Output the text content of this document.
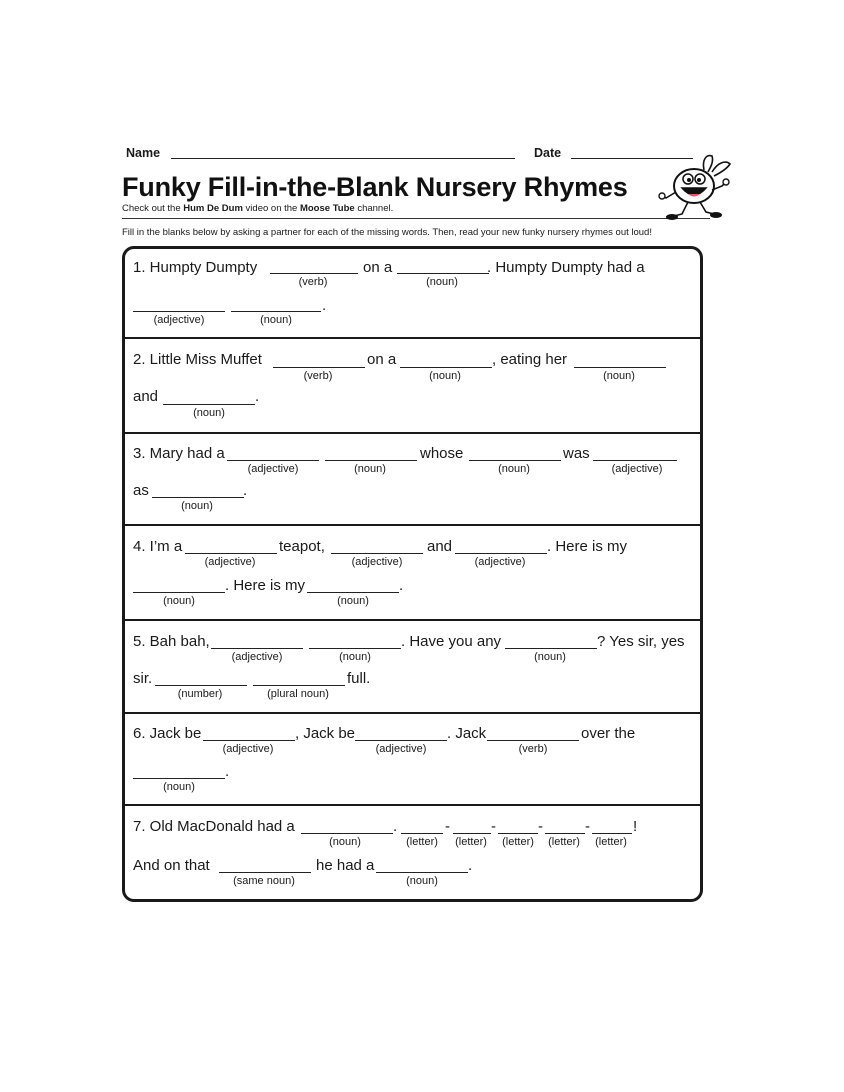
Name	Date
Funky Fill-in-the-Blank Nursery Rhymes
Check out the Hum De Dum video on the Moose Tube channel.
Fill in the blanks below by asking a partner for each of the missing words. Then, read your new funky nursery rhymes out loud!
1. Humpty Dumpty
(verb)
on a
(noun)
. Humpty Dumpty had a
(adjective)	(noun)
.
2. Little Miss Muffet
(verb)
on a
(noun)
, eating her
(noun)
and
(noun)
.
3. Mary had a
(adjective)	(noun)
whose
(noun)
was
(adjective)
as
(noun)
.
4. I’m a
(adjective)
teapot,
(adjective)
and
(adjective)
. Here is my
(noun)
. Here is my
(noun)
.
5. Bah bah,
(adjective)	(noun)
. Have you any
(noun)
? Yes sir, yes
sir.
(number)	(plural noun)
full.
6. Jack be
(adjective)
, Jack be
(adjective)
. Jack
(verb)
over the
(noun)
.
7. Old MacDonald had a
(noun)
.
(letter)
-
(letter)
-
(letter)
-
(letter)
-
(letter)
!
And on that
(same noun)
he had a
(noun)
.
